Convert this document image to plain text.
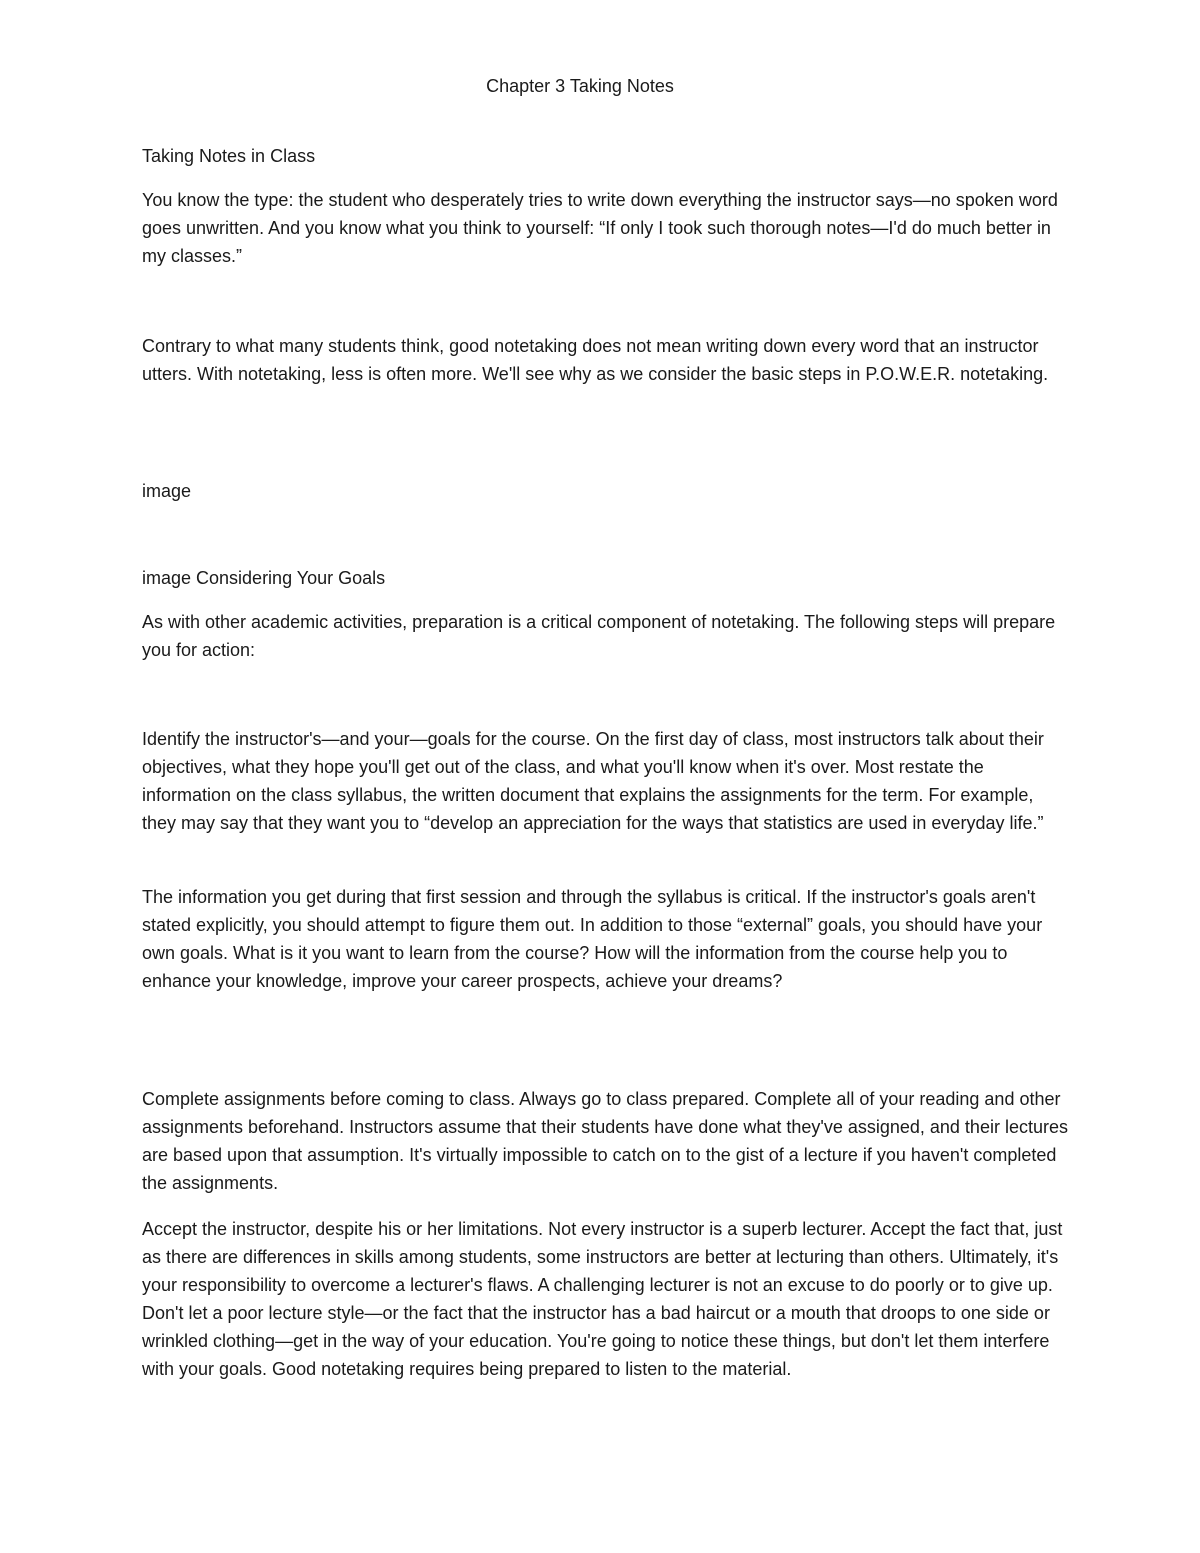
Chapter 3 Taking Notes

Taking Notes in Class

You know the type: the student who desperately tries to write down everything the instructor says—no spoken word goes unwritten. And you know what you think to yourself: “If only I took such thorough notes—I'd do much better in my classes.”

Contrary to what many students think, good notetaking does not mean writing down every word that an instructor utters. With notetaking, less is often more. We'll see why as we consider the basic steps in P.O.W.E.R. notetaking.

image

image Considering Your Goals

As with other academic activities, preparation is a critical component of notetaking. The following steps will prepare you for action:

Identify the instructor's—and your—goals for the course. On the first day of class, most instructors talk about their objectives, what they hope you'll get out of the class, and what you'll know when it's over. Most restate the information on the class syllabus, the written document that explains the assignments for the term. For example, they may say that they want you to “develop an appreciation for the ways that statistics are used in everyday life.”

The information you get during that first session and through the syllabus is critical. If the instructor's goals aren't stated explicitly, you should attempt to figure them out. In addition to those “external” goals, you should have your own goals. What is it you want to learn from the course? How will the information from the course help you to enhance your knowledge, improve your career prospects, achieve your dreams?

Complete assignments before coming to class. Always go to class prepared. Complete all of your reading and other assignments beforehand. Instructors assume that their students have done what they've assigned, and their lectures are based upon that assumption. It's virtually impossible to catch on to the gist of a lecture if you haven't completed the assignments.

Accept the instructor, despite his or her limitations. Not every instructor is a superb lecturer. Accept the fact that, just as there are differences in skills among students, some instructors are better at lecturing than others. Ultimately, it's your responsibility to overcome a lecturer's flaws. A challenging lecturer is not an excuse to do poorly or to give up. Don't let a poor lecture style—or the fact that the instructor has a bad haircut or a mouth that droops to one side or wrinkled clothing—get in the way of your education. You're going to notice these things, but don't let them interfere with your goals. Good notetaking requires being prepared to listen to the material.
